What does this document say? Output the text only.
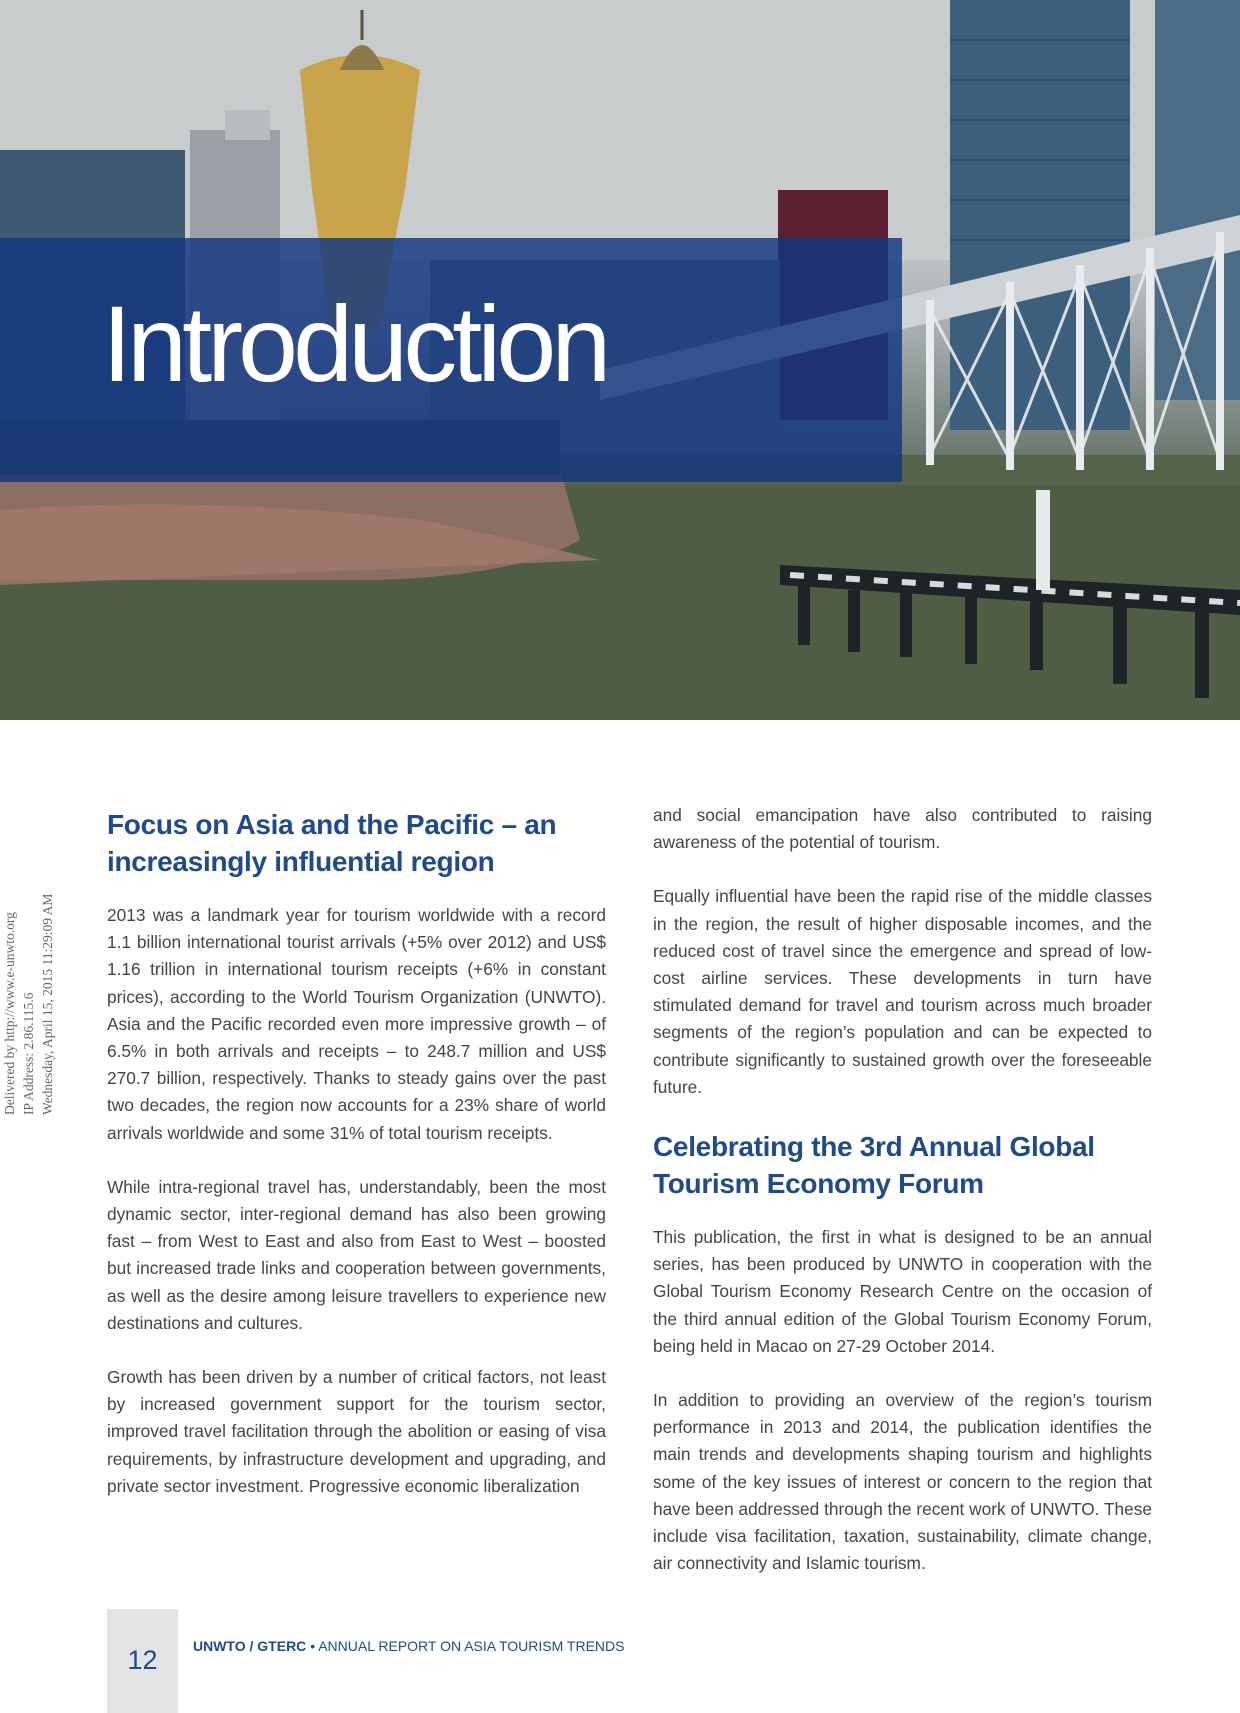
Introduction
Delivered by http://www.e-unwto.org IP Address: 2.86.115.6 Wednesday, April 15, 2015 11:29:09 AM
Focus on Asia and the Pacific – an increasingly influential region

2013 was a landmark year for tourism worldwide with a record 1.1 billion international tourist arrivals (+5% over 2012) and US$ 1.16 trillion in international tourism receipts (+6% in constant prices), according to the World Tourism Organization (UNWTO). Asia and the Pacific recorded even more impressive growth – of 6.5% in both arrivals and receipts – to 248.7 million and US$ 270.7 billion, respectively. Thanks to steady gains over the past two decades, the region now accounts for a 23% share of world arrivals worldwide and some 31% of total tourism receipts.

While intra-regional travel has, understandably, been the most dynamic sector, inter-regional demand has also been growing fast – from West to East and also from East to West – boosted but increased trade links and cooperation between governments, as well as the desire among leisure travellers to experience new destinations and cultures.

Growth has been driven by a number of critical factors, not least by increased government support for the tourism sector, improved travel facilitation through the abolition or easing of visa requirements, by infrastructure development and upgrading, and private sector investment. Progressive economic liberalization

and social emancipation have also contributed to raising awareness of the potential of tourism.

Equally influential have been the rapid rise of the middle classes in the region, the result of higher disposable incomes, and the reduced cost of travel since the emergence and spread of low-cost airline services. These developments in turn have stimulated demand for travel and tourism across much broader segments of the region’s population and can be expected to contribute significantly to sustained growth over the foreseeable future.

Celebrating the 3rd Annual Global Tourism Economy Forum

This publication, the first in what is designed to be an annual series, has been produced by UNWTO in cooperation with the Global Tourism Economy Research Centre on the occasion of the third annual edition of the Global Tourism Economy Forum, being held in Macao on 27-29 October 2014.

In addition to providing an overview of the region’s tourism performance in 2013 and 2014, the publication identifies the main trends and developments shaping tourism and highlights some of the key issues of interest or concern to the region that have been addressed through the recent work of UNWTO. These include visa facilitation, taxation, sustainability, climate change, air connectivity and Islamic tourism.

12	UNWTO / GTERC • ANNUAL REPORT ON ASIA TOURISM TRENDS
